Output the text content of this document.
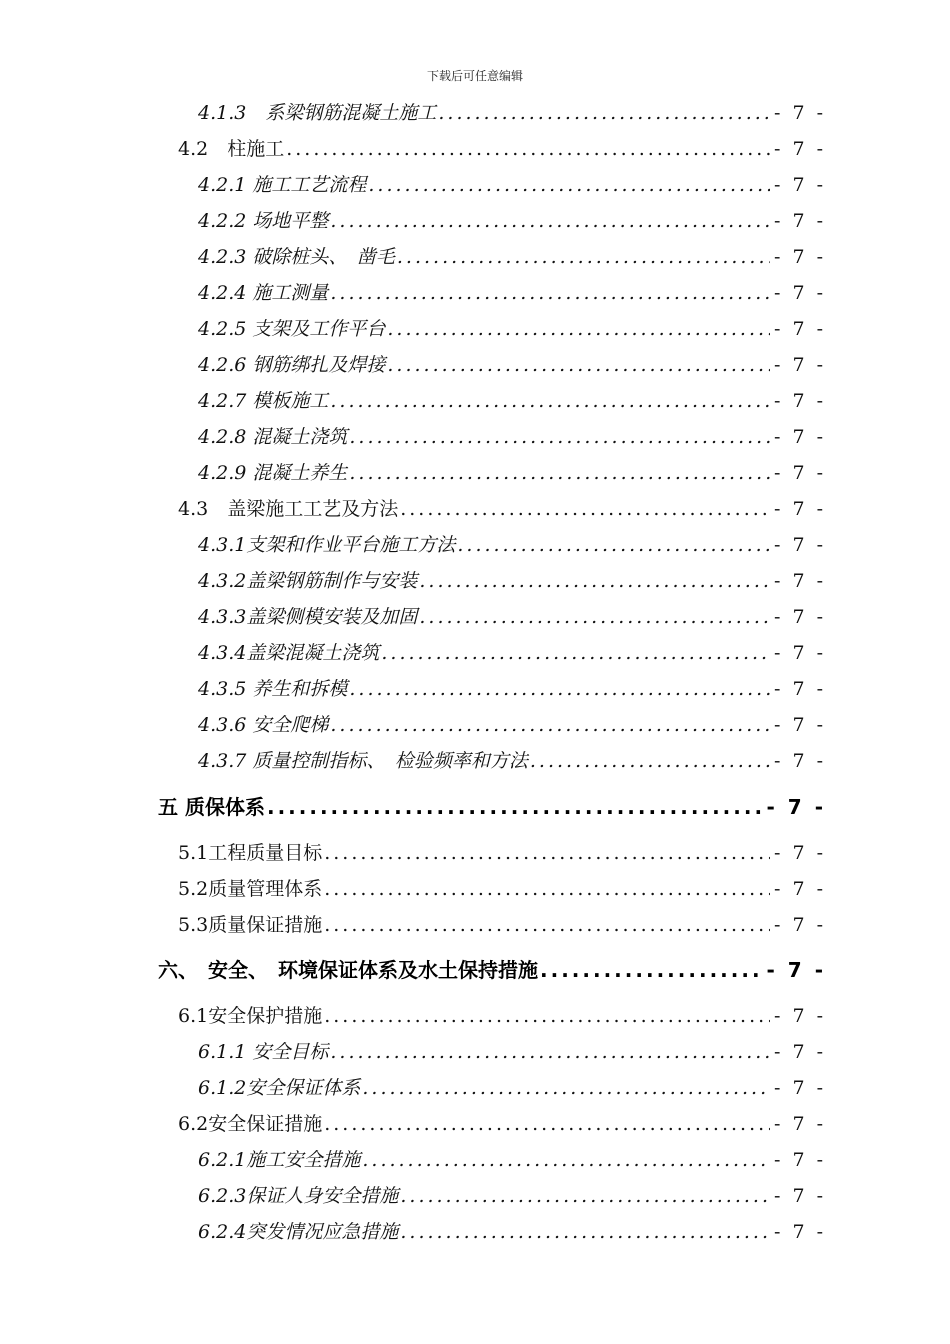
下载后可任意编辑
4.1.3　系梁钢筋混凝土施工 .....	- 7 -
4.2　柱施工 .....	- 7 -
4.2.1 施工工艺流程 .....	- 7 -
4.2.2 场地平整 .....	- 7 -
4.2.3 破除桩头、　凿毛 .....	- 7 -
4.2.4 施工测量 .....	- 7 -
4.2.5 支架及工作平台 .....	- 7 -
4.2.6 钢筋绑扎及焊接 .....	- 7 -
4.2.7 模板施工 .....	- 7 -
4.2.8 混凝土浇筑 .....	- 7 -
4.2.9 混凝土养生 .....	- 7 -
4.3　盖梁施工工艺及方法 .....	- 7 -
4.3.1支架和作业平台施工方法 .....	- 7 -
4.3.2盖梁钢筋制作与安装 .....	- 7 -
4.3.3盖梁侧模安装及加固 .....	- 7 -
4.3.4盖梁混凝土浇筑 .....	- 7 -
4.3.5 养生和拆模 .....	- 7 -
4.3.6 安全爬梯 .....	- 7 -
4.3.7 质量控制指标、　检验频率和方法 .....	- 7 -
五 质保体系 .....	- 7 -
5.1工程质量目标 .....	- 7 -
5.2质量管理体系 .....	- 7 -
5.3质量保证措施 .....	- 7 -
六、　安全、　环境保证体系及水土保持措施 .....	- 7 -
6.1安全保护措施 .....	- 7 -
6.1.1 安全目标 .....	- 7 -
6.1.2安全保证体系 .....	- 7 -
6.2安全保证措施 .....	- 7 -
6.2.1施工安全措施 .....	- 7 -
6.2.3保证人身安全措施 .....	- 7 -
6.2.4突发情况应急措施 .....	- 7 -
